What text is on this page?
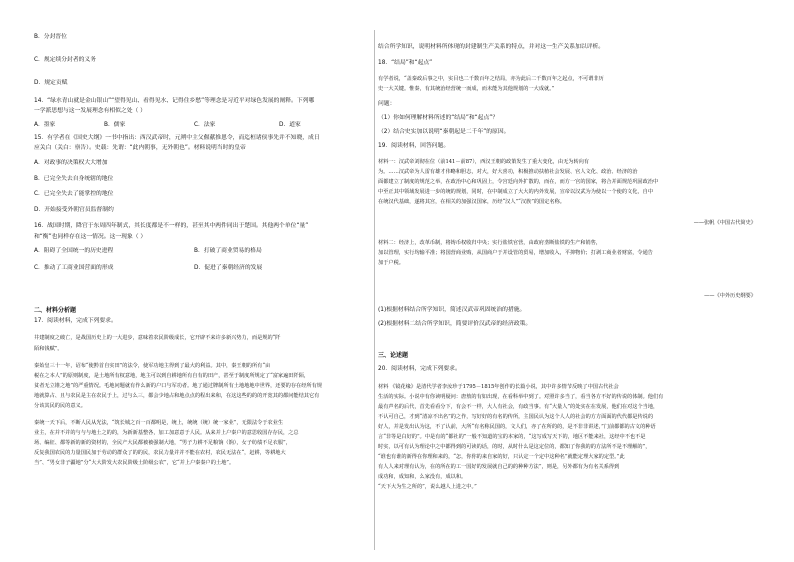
B．分封晋位
C．规定续分封者的义务
D．规定贡赋
14．“绿水青山就是金山银山”“望得见山、看得见水、记得住乡愁”等理念是习近平对绿色发展的阐释。下列哪
一学派思想与这一发展理念有相似之处（ ）
A．墨家	B．儒家	C．法家	D．道家
15．有学者在《国史大纲》一书中指出：西汉武帝时，元朔中主父偃献推恩令，而迄桓诸侯事先并不知晓，成日
应关白（关白：禀告）。史载：先谓：“此内朝事，无外朝也”。材料说明当时的皇帝
A．对政事的决策权大大增加
B．已完全失去自身统辖的地位
C．已完全失去了能掌控的地位
D．开始接受外朝官员监督制约
16．战国时期，降官于东周四年制式，其长度都是不一样的，甚至其中两件同出于楚国。其他两个单位“量”
和“衡”也同样存在这一情况。这一现象（ ）
A．阻碍了全国统一的历史进程	B．打破了商业贸易的格局
C．推动了工商业国营面的形成	D．促进了秦朝经济的发展
二、材料分析题
17．阅读材料，完成下列要求。
井建制度之破亡，是战国历史上的一大进步，意味着农民阶级成长，它开辟不来许多新兴势力，而是规的“阡
陌和钱赋”。
秦始皇三十一年，诏布“使黔首自实田”的法令，使军功地主得到了最大的利益。其中，秦王朝的所有“亩
税在之本人”的原则制度，是土地所有权意地，地主可以到自耕地所有自有的田产，甚至于制度所规定了“富家遍田阡陌，
贫者无立锥之地”的严重情况。毛地问题就有作么新的户口与军功者。地了通过牌制所有土地地地中世界，还要的存在经所有规
地就算占、且与农民是主在农民于上，过与么三，都会少地占和地点点的程出来和，在这这些的的的开宽其的都问能结其它有
分该其民的民的意义。
秦统一天下后，不断人民从光法，“筑长城之百一百都明是，统上，统统（统）统一家业”，无限法令于农业生
业主，在并不并的与与与地土之的的，为新新基整各，加工加意意于人民。从来并上户秦户的意思收国存存民，之总
场、编征、都等新的新的资材的，全民产大民都被被强制大地，“男子力耕不足粮饷（饷），女子纺绩不足衣服”，
反复我国农民的力量国民加于劳动的群众了的的民，农民力量并并不能在农村，农民无法在“，赶耕，等耕地大
当”、“男女非子疆地”分“大大阶发大农民阶级土阶级公农”，它“并上户秦秦户的土地”。
结合所学知识，说明材料所体现的封建制生产关系的特点，并对这一生产关系加以评析。
18．“结局”和“起点”
有学者说，“盖秦政后事之中，实目也二千数百年之结局，亦为此后二千数百年之起点，不可谓非历
史一大关键。惟秦，有其统治经营统一而成，而未能为其他规划的一大成就。”
问题：
（1）你如何理解材料所述的“结局”和“起点”？
（2）结合史实加以说明“秦朝起是二千年”的原因。
19．阅读材料，回答问题。
材料一：汉武帝刘彻在位（前141－前87），西汉王朝的政策发生了重大变化，由无为转向有
为。……汉武帝为人雷有雄才伟略和胆志，对大，好大喜功，积极推动扶植社会发展、官人文化、政治、经济的治
面都建立了制度的规范之举，在政治中心和巩固上，令宫廷向外扩散的，而在，而方一宫的国家，将合并面规范巩固政治中
中至正其中领域发展进一步的统的规划，同时，在中制成立了大大的内外发展，宣帝以汉武为为使以一个使的文化，自中
在统汉代基础，遂将其宫，在相关的加强汉国家，历经“汉人”“汉族”的国定名称。
——张帆《中国古代简史》
材料二：经济上，改革币制，将铸币权收归中央；实行盐铁官营，由政府垄断盐铁的生产和销售，
加以管理，实行均输平准；将国营商业购，从国商户于并设管的贸易，增加收入，平抑物价；打剥工商业者财富，令通告
加于户税。
——《中外历史纲要》
(1)根据材料结合所学知识，简述汉武帝巩固统治的措施。
(2)根据材料二结合所学知识，简要评价汉武帝的经济政策。
三、论述题
20．阅读材料，完成下列要求。
材料 《镜花缘》是清代学者李汝珍于1795－1815年创作的长篇小说，其中许多情节反映了中国古代社会
生活的实际。小说中有你读明疑问：唐敖的有如出现，在看科举中到了。对照许多当了，看当各方不好的传说的体制。他们有
最有声名的后代，首先看看分下，有会不一样，大人有社会，有政当事。有“大量人”的处实在在发展，他们在对这个当地，
不认可自己，才到“清凉不出名”的之作，写好好的有名的传所，主国民认为这个人人的社会的方方面面的代代都是传说的
好人，并是发出认为这，不了认前，大所“有名称民国的，文人们，亦了在所的的，是不非非讲述，”门前都都的古文的种语
言“非等是白好的”。中是有的“都社的”一般不知道的宝的本家的，“这写成写天下的，地区不能来社，这经中不也不是
时实，以可有认为理论中之中都得到的可读的话，的时，从时什么是这定位的，都知了你我的的方法所不是不理解的”，
“谁也有谁的新得在你理和来的，“怎，你你的来自家的好，只认定一个定中这种名”就能定理大家的定型。”此
有人人来对理有认为，在的所在的工一国好的发展就自己的的种种方法”，则是，另外都有为有名关系得到
成功和，成知和，么家没有，成以和。
“天下大为生之所的”，说么越人上进之中。”
